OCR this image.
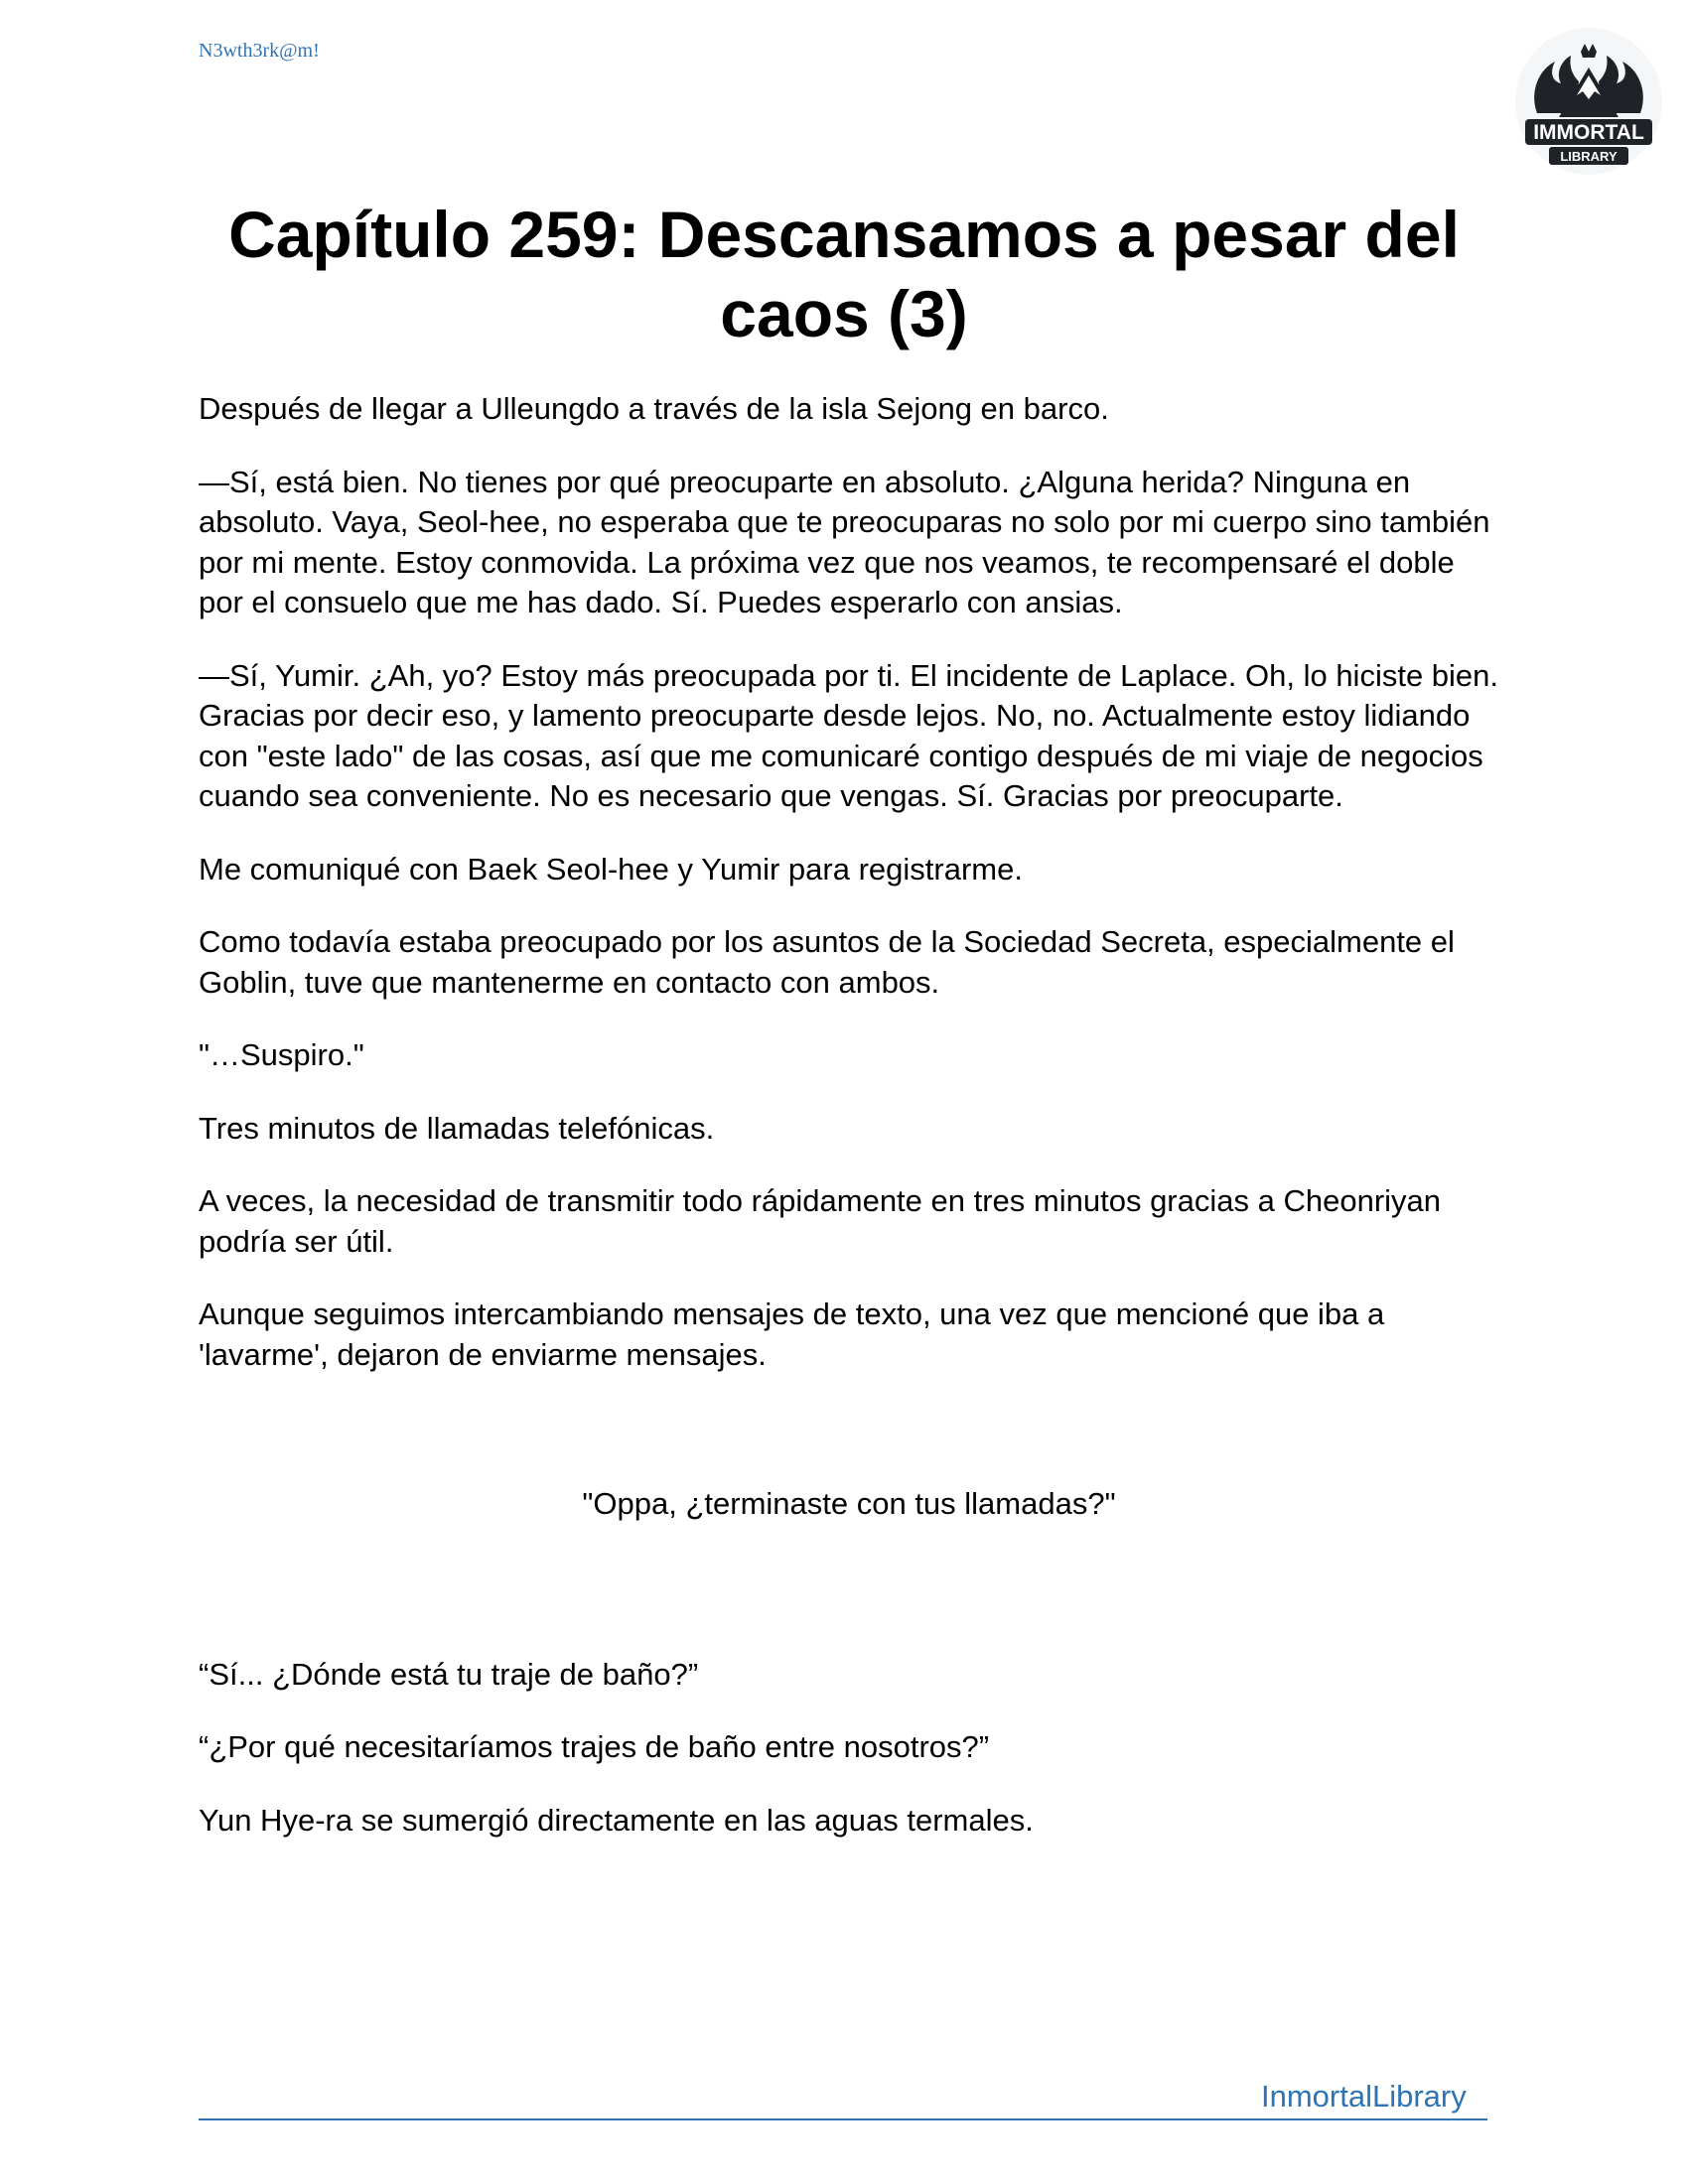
N3wth3rk@m!
IMMORTAL
LIBRARY
Capítulo 259: Descansamos a pesar del caos (3)

Después de llegar a Ulleungdo a través de la isla Sejong en barco.

—Sí, está bien. No tienes por qué preocuparte en absoluto. ¿Alguna herida? Ninguna en absoluto. Vaya, Seol-hee, no esperaba que te preocuparas no solo por mi cuerpo sino también por mi mente. Estoy conmovida. La próxima vez que nos veamos, te recompensaré el doble por el consuelo que me has dado. Sí. Puedes esperarlo con ansias.

—Sí, Yumir. ¿Ah, yo? Estoy más preocupada por ti. El incidente de Laplace. Oh, lo hiciste bien. Gracias por decir eso, y lamento preocuparte desde lejos. No, no. Actualmente estoy lidiando con "este lado" de las cosas, así que me comunicaré contigo después de mi viaje de negocios cuando sea conveniente. No es necesario que vengas. Sí. Gracias por preocuparte.

Me comuniqué con Baek Seol-hee y Yumir para registrarme.

Como todavía estaba preocupado por los asuntos de la Sociedad Secreta, especialmente el Goblin, tuve que mantenerme en contacto con ambos.

"…Suspiro."

Tres minutos de llamadas telefónicas.

A veces, la necesidad de transmitir todo rápidamente en tres minutos gracias a Cheonriyan podría ser útil.

Aunque seguimos intercambiando mensajes de texto, una vez que mencioné que iba a 'lavarme', dejaron de enviarme mensajes.

"Oppa, ¿terminaste con tus llamadas?"

“Sí... ¿Dónde está tu traje de baño?”

“¿Por qué necesitaríamos trajes de baño entre nosotros?”

Yun Hye-ra se sumergió directamente en las aguas termales.

InmortalLibrary
